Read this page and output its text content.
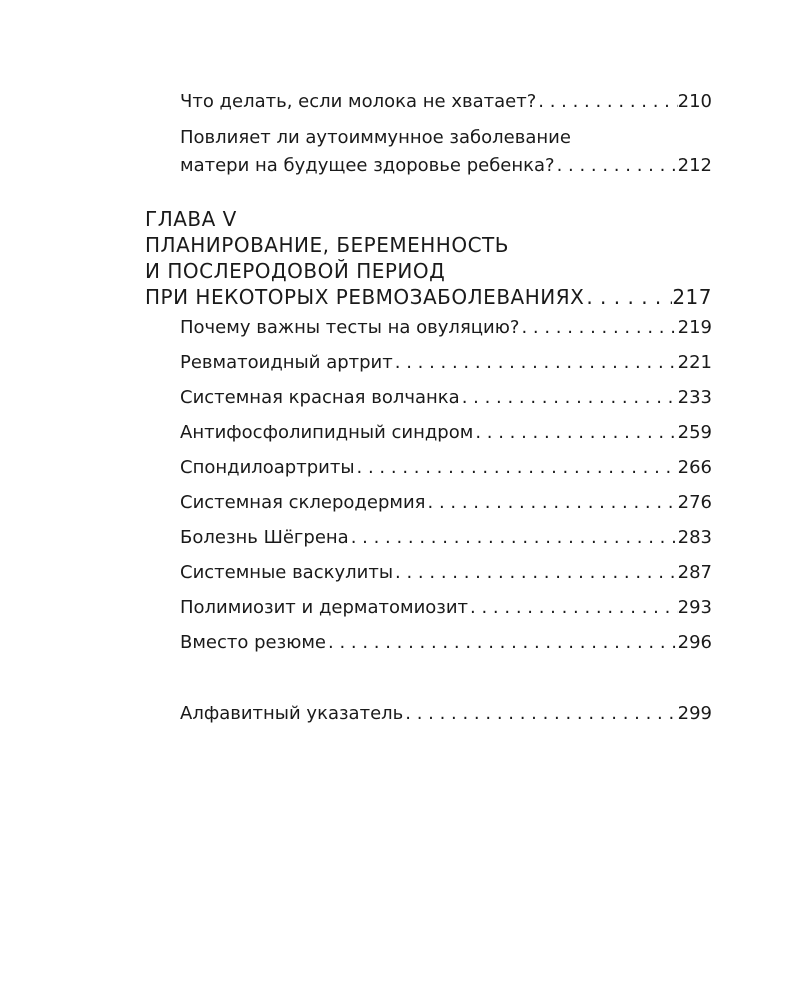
Что делать, если молока не хватает? . . .	210
Повлияет ли аутоиммунное заболевание
матери на будущее здоровье ребенка? . . .	212
ГЛАВА V
ПЛАНИРОВАНИЕ, БЕРЕМЕННОСТЬ
И ПОСЛЕРОДОВОЙ ПЕРИОД
ПРИ НЕКОТОРЫХ РЕВМОЗАБОЛЕВАНИЯХ . . .	217
Почему важны тесты на овуляцию? . . .	219
Ревматоидный артрит . . .	221
Системная красная волчанка . . .	233
Антифосфолипидный синдром . . .	259
Спондилоартриты . . .	266
Системная склеродермия . . .	276
Болезнь Шёгрена . . .	283
Системные васкулиты . . .	287
Полимиозит и дерматомиозит . . .	293
Вместо резюме . . .	296
Алфавитный указатель . . .	299
